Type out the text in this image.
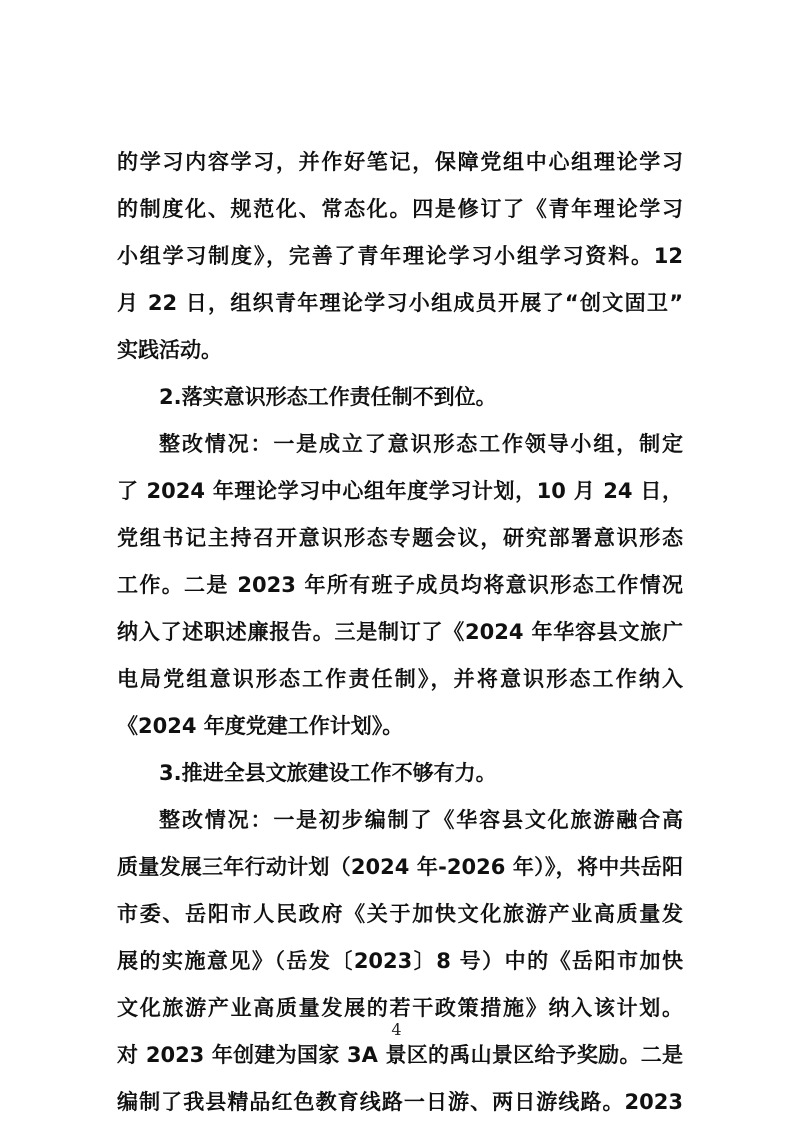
的学习内容学习，并作好笔记，保障党组中心组理论学习
的制度化、规范化、常态化。四是修订了《青年理论学习
小组学习制度》，完善了青年理论学习小组学习资料。12
月 22 日，组织青年理论学习小组成员开展了“创文固卫”
实践活动。
2.落实意识形态工作责任制不到位。
整改情况：一是成立了意识形态工作领导小组，制定
了 2024 年理论学习中心组年度学习计划，10 月 24 日，
党组书记主持召开意识形态专题会议，研究部署意识形态
工作。二是 2023 年所有班子成员均将意识形态工作情况
纳入了述职述廉报告。三是制订了《2024 年华容县文旅广
电局党组意识形态工作责任制》，并将意识形态工作纳入
《2024 年度党建工作计划》。
3.推进全县文旅建设工作不够有力。
整改情况：一是初步编制了《华容县文化旅游融合高
质量发展三年行动计划（2024 年-2026 年）》，将中共岳阳
市委、岳阳市人民政府《关于加快文化旅游产业高质量发
展的实施意见》（岳发〔2023〕8 号）中的《岳阳市加快
文化旅游产业高质量发展的若干政策措施》纳入该计划。
对 2023 年创建为国家 3A 景区的禹山景区给予奖励。二是
编制了我县精品红色教育线路一日游、两日游线路。2023
4
